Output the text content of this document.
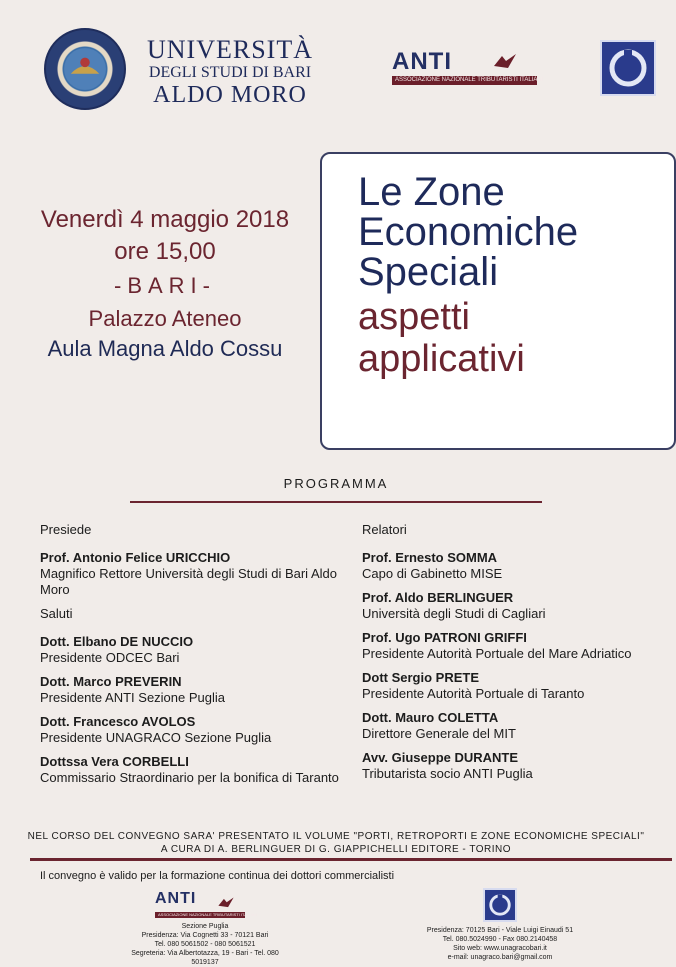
UNIVERSITÀ
DEGLI STUDI DI BARI
ALDO MORO
ANTI
ASSOCIAZIONE NAZIONALE TRIBUTARISTI ITALIANI
Venerdì 4 maggio 2018
ore 15,00
-BARI-
Palazzo Ateneo
Aula Magna Aldo Cossu
Le Zone
Economiche
Speciali
aspetti
applicativi
PROGRAMMA
Presiede
Prof. Antonio Felice URICCHIO
Magnifico Rettore Università degli Studi di Bari Aldo Moro
Saluti
Dott. Elbano DE NUCCIO
Presidente ODCEC Bari
Dott. Marco PREVERIN
Presidente ANTI Sezione Puglia
Dott. Francesco AVOLOS
Presidente UNAGRACO Sezione Puglia
Dottssa Vera CORBELLI
Commissario Straordinario per la bonifica di Taranto
Relatori
Prof. Ernesto SOMMA
Capo di Gabinetto MISE
Prof. Aldo BERLINGUER
Università degli Studi di Cagliari
Prof. Ugo PATRONI GRIFFI
Presidente Autorità Portuale del Mare Adriatico
Dott Sergio PRETE
Presidente Autorità Portuale di Taranto
Dott. Mauro COLETTA
Direttore Generale del MIT
Avv. Giuseppe DURANTE
Tributarista socio ANTI Puglia
NEL CORSO DEL CONVEGNO SARA' PRESENTATO IL VOLUME "PORTI, RETROPORTI E ZONE ECONOMICHE SPECIALI"
A CURA DI A. BERLINGUER DI G. GIAPPICHELLI EDITORE - TORINO
Il convegno è valido per la formazione continua dei dottori commercialisti
ANTI
ASSOCIAZIONE NAZIONALE TRIBUTARISTI ITALIANI
Sezione Puglia
Presidenza: Via Cognetti 33 - 70121 Bari
Tel. 080 5061502 - 080 5061521
Segreteria: Via Albertotazza, 19 - Bari - Tel. 080 5019137
Presidenza: 70125 Bari - Viale Luigi Einaudi 51
Tel. 080.5024990 - Fax 080.2140458
Sito web: www.unagracobari.it
e-mail: unagraco.bari@gmail.com
